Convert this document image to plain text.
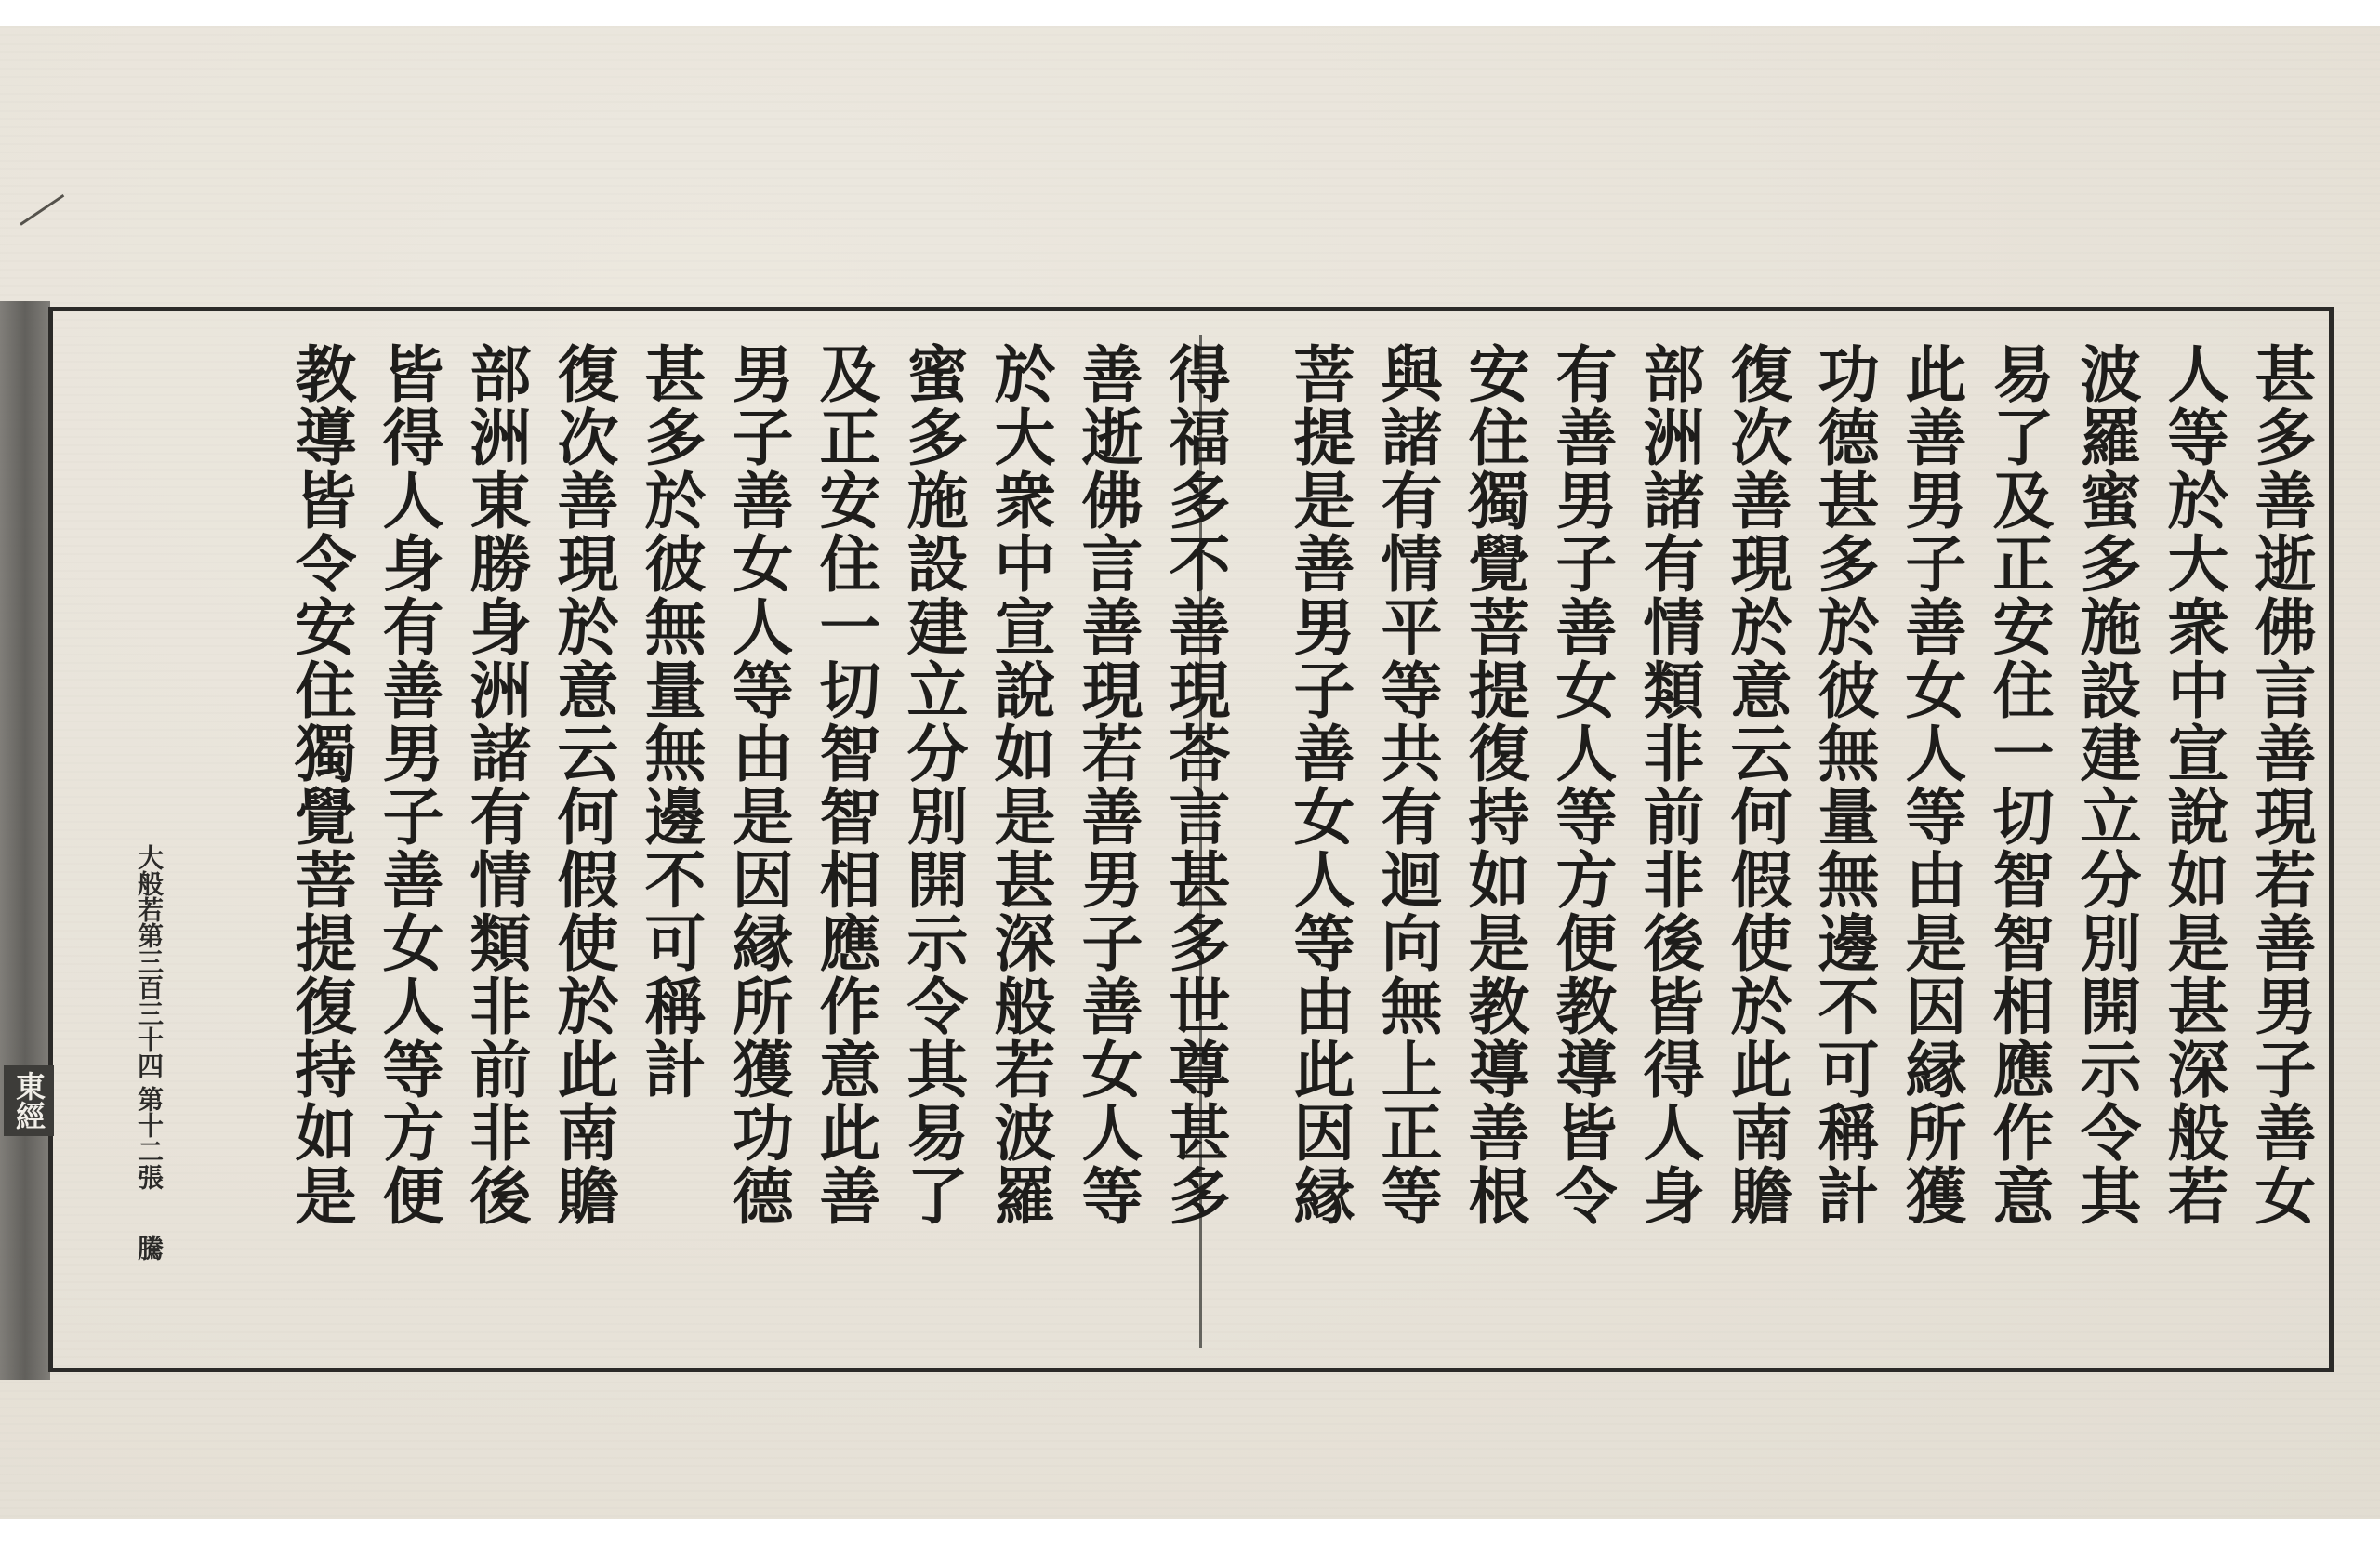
東經	甚多善逝佛言善現若善男子善女
人等於大衆中宣說如是甚深般若
波羅蜜多施設建立分別開示令其
易了及正安住一切智智相應作意
此善男子善女人等由是因縁所獲
功德甚多於彼無量無邊不可稱計
復次善現於意云何假使於此南贍
部洲諸有情類非前非後皆得人身
有善男子善女人等方便教導皆令
安住獨覺菩提復持如是教導善根
與諸有情平等共有迴向無上正等
菩提是善男子善女人等由此因縁
得福多不善現荅言甚多世尊甚多
善逝佛言善現若善男子善女人等
於大衆中宣說如是甚深般若波羅
蜜多施設建立分別開示令其易了
及正安住一切智智相應作意此善
男子善女人等由是因縁所獲功德
甚多於彼無量無邊不可稱計
復次善現於意云何假使於此南贍
部洲東勝身洲諸有情類非前非後
皆得人身有善男子善女人等方便
教導皆令安住獨覺菩提復持如是
大般若第三百三十四
第十二張
騰
